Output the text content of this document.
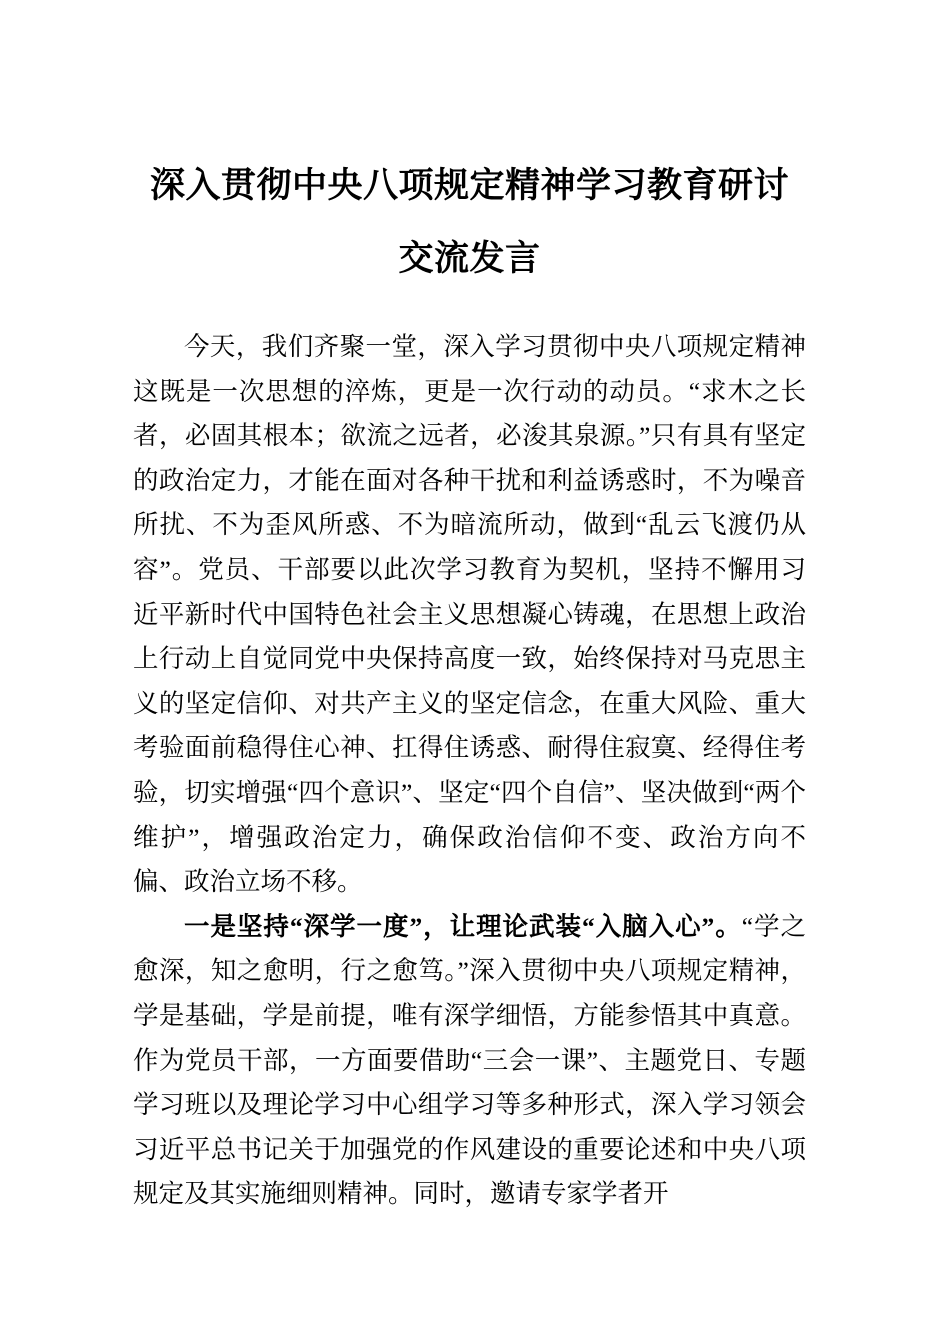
深入贯彻中央八项规定精神学习教育研讨交流发言

今天，我们齐聚一堂，深入学习贯彻中央八项规定精神这既是一次思想的淬炼，更是一次行动的动员。“求木之长者，必固其根本；欲流之远者，必浚其泉源。”只有具有坚定的政治定力，才能在面对各种干扰和利益诱惑时，不为噪音所扰、不为歪风所惑、不为暗流所动，做到“乱云飞渡仍从容”。党员、干部要以此次学习教育为契机，坚持不懈用习近平新时代中国特色社会主义思想凝心铸魂，在思想上政治上行动上自觉同党中央保持高度一致，始终保持对马克思主义的坚定信仰、对共产主义的坚定信念，在重大风险、重大考验面前稳得住心神、扛得住诱惑、耐得住寂寞、经得住考验，切实增强“四个意识”、坚定“四个自信”、坚决做到“两个维护”，增强政治定力，确保政治信仰不变、政治方向不偏、政治立场不移。

一是坚持“深学一度”，让理论武装“入脑入心”。“学之愈深，知之愈明，行之愈笃。”深入贯彻中央八项规定精神，学是基础，学是前提，唯有深学细悟，方能参悟其中真意。作为党员干部，一方面要借助“三会一课”、主题党日、专题学习班以及理论学习中心组学习等多种形式，深入学习领会习近平总书记关于加强党的作风建设的重要论述和中央八项规定及其实施细则精神。同时，邀请专家学者开
